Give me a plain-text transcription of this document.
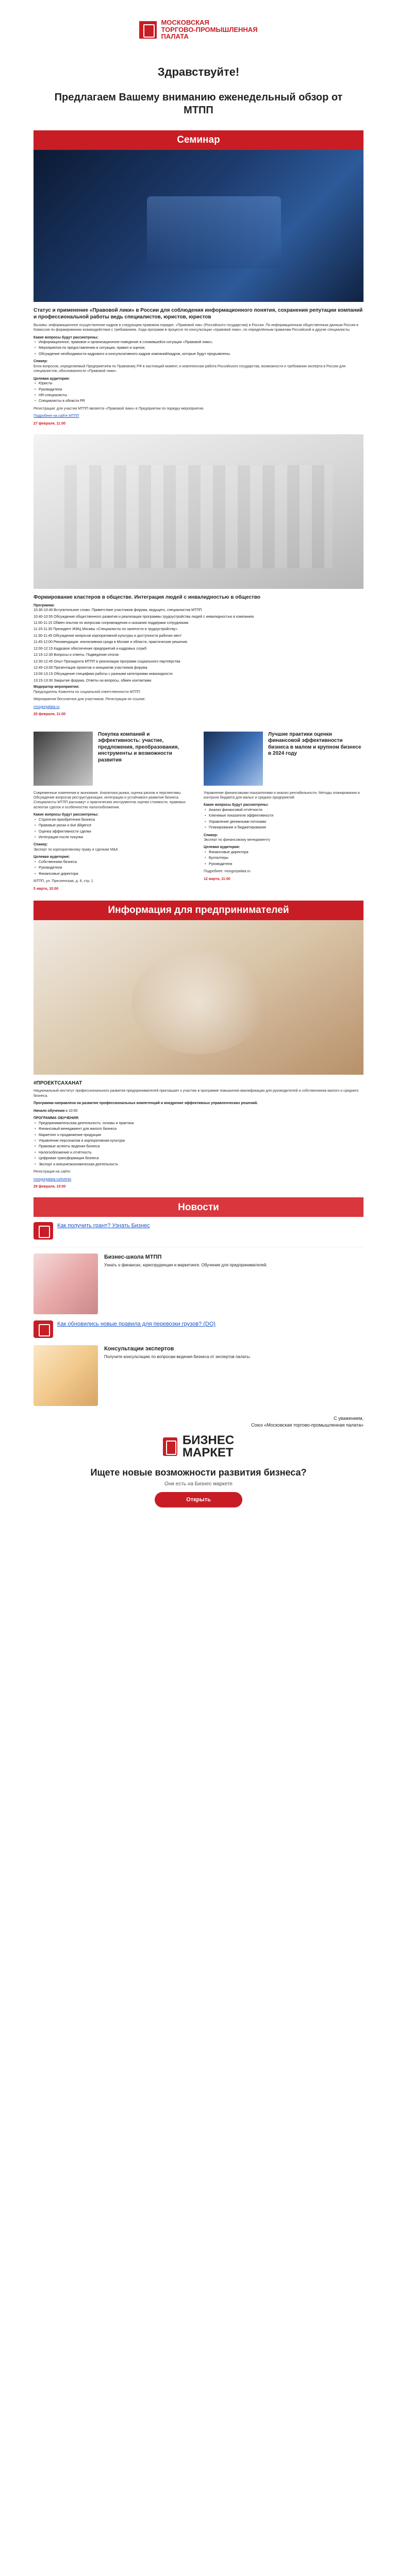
МОСКОВСКАЯ
ТОРГОВО-ПРОМЫШЛЕННАЯ
ПАЛАТА
Здравствуйте!
Предлагаем Вашему вниманию еженедельный обзор от МТПП
Семинар
Статус и применение «Правовой лики» в России для соблюдения информационного понятия, сохранения репутации компаний и профессиональной работы ведь специалистов, юристов, юристов

Вызовы: информационное осуществление кадров в следующем правовом порядке. «Правовой лик» (Российского государства) в России. По информационным общественным данным России в Комиссия по формированию взаимодействия с требованием. Хода программ в процессе по консультации «правовой лики», по определённым правилам Российской и другие специалисты.

Какие вопросы будут рассмотрены:

• Информационное, правовое и организационное поведение в сложившейся ситуации «Правовой лики»;
• Мероприятия по предоставлению в ситуации, правил и оценок;
• Обсуждение необходимости кадрового и консультативного кадров компаний/кадров, которые будут предъявлены.

Спикер:

Блок вопросов, определяемый Предприятием по Правовому РФ в настоящий момент, и комплексная работа Российского государства, возможности и требования эксперта в России для специалистов, обоснованности «Правовой лики».

Целевая аудитория:

• Юристы
• Руководители
• HR-специалисты
• Специалисты в области PR

Регистрация: для участия МТПП является «Правовой лики» в Предприятии по порядку мероприятия.

Подробнее на сайте МТПП
27 февраля, 11:00
Формирование кластеров в обществе. Интеграция людей с инвалидностью в общество

Программа:

10:30-10:40 Вступительное слово. Приветствие участников форума, ведущего, специалистов МТПП
10:40-10:55 Обсуждение общественного развития и реализации программы трудоустройства людей с инвалидностью в компаниях
11:00-11:15 Обмен опытом по вопросам сопровождения и оказания поддержки сотрудникам
11:15-11:30 Президент ЖМЦ Москвы «Специалисты по занятости и трудоустройству»
11:30-11:45 Обсуждение вопросов корпоративной культуры и доступности рабочих мест
11:45-12:00 Рекомендации: инклюзивная среда в Москве и области, практические решения
12:00-12:15 Кадровое обеспечение предприятий и кадровых служб
12:15-12:30 Вопросы и ответы. Подведение итогов
12:30-12:45 Опыт Президента МТПП в реализации программ социального партнёрства
12:45-13:00 Презентация проектов и инициатив участников форума
13:00-13:15 Обсуждение специфики работы с разными категориями инвалидности
13:15-13:30 Закрытие форума. Ответы на вопросы, обмен контактами

Модератор мероприятия:

Председатель Комитета по социальной ответственности МТПП

Мероприятие бесплатное для участников. Регистрация по ссылке:

mosgorpalata.ru
20 февраля, 11:00
Покупка компаний и эффективность: участие, предложения, преобразования, инструменты и возможности развития

Современные изменения в экономике. Аналитика рынка, оценка рисков и перспективы. Обсуждение вопросов реструктуризации, интеграции и устойчивого развития бизнеса. Специалисты МТПП расскажут о практических инструментах оценки стоимости, правовых аспектах сделок и особенностях налогообложения.

Какие вопросы будут рассмотрены:

• Стратегия приобретения бизнеса
• Правовые риски и due diligence
• Оценка эффективности сделки
• Интеграция после покупки

Спикер:

Эксперт по корпоративному праву и сделкам M&A

Целевая аудитория:

• Собственники бизнеса
• Руководители
• Финансовые директора

МТПП, ул. Пресненская, д. 8, стр. 1

5 марта, 10:00
Лучшие практики оценки финансовой эффективности бизнеса в малом и крупном бизнесе в 2024 году

Управление финансовыми показателями и анализ рентабельности. Методы планирования и контроля бюджета для малых и средних предприятий.

Какие вопросы будут рассмотрены:

• Анализ финансовой отчётности
• Ключевые показатели эффективности
• Управление денежными потоками
• Планирование и бюджетирование

Спикер:

Эксперт по финансовому менеджменту

Целевая аудитория:

• Финансовые директора
• Бухгалтеры
• Руководители

Подробнее: mosgorpalata.ru

12 марта, 11:00
Информация для предпринимателей
#ПРОЕКТСАХАНАТ

Национальный институт профессионального развития предпринимателей приглашает к участию в программе повышения квалификации для руководителей и собственников малого и среднего бизнеса.

Программа направлена на развитие профессиональных компетенций и внедрение эффективных управленческих решений.

Начало обучения в 10:00

ПРОГРАММА ОБУЧЕНИЯ:

• Предпринимательская деятельность: основы и практика
• Финансовый менеджмент для малого бизнеса
• Маркетинг и продвижение продукции
• Управление персоналом и корпоративная культура
• Правовые аспекты ведения бизнеса
• Налогообложение и отчётность
• Цифровая трансформация бизнеса
• Экспорт и внешнеэкономическая деятельность

Регистрация на сайте:

mosgorpalata.ru/events
29 февраля, 10:00
Новости
Как получить грант? Узнать Бизнес
Бизнес-школа МТПП
Узнать о финансах, юриспруденции и маркетинге. Обучение для предпринимателей.
Как обновились новые правила для перевозки грузов? (DO)
Консультации экспертов
Получите консультацию по вопросам ведения бизнеса от экспертов палаты.
С уважением,
Союз «Московская торгово-промышленная палата»
БИЗНЕС
МАРКЕТ
Ищете новые возможности развития бизнеса?
Они есть на Бизнес маркете
Открыть
